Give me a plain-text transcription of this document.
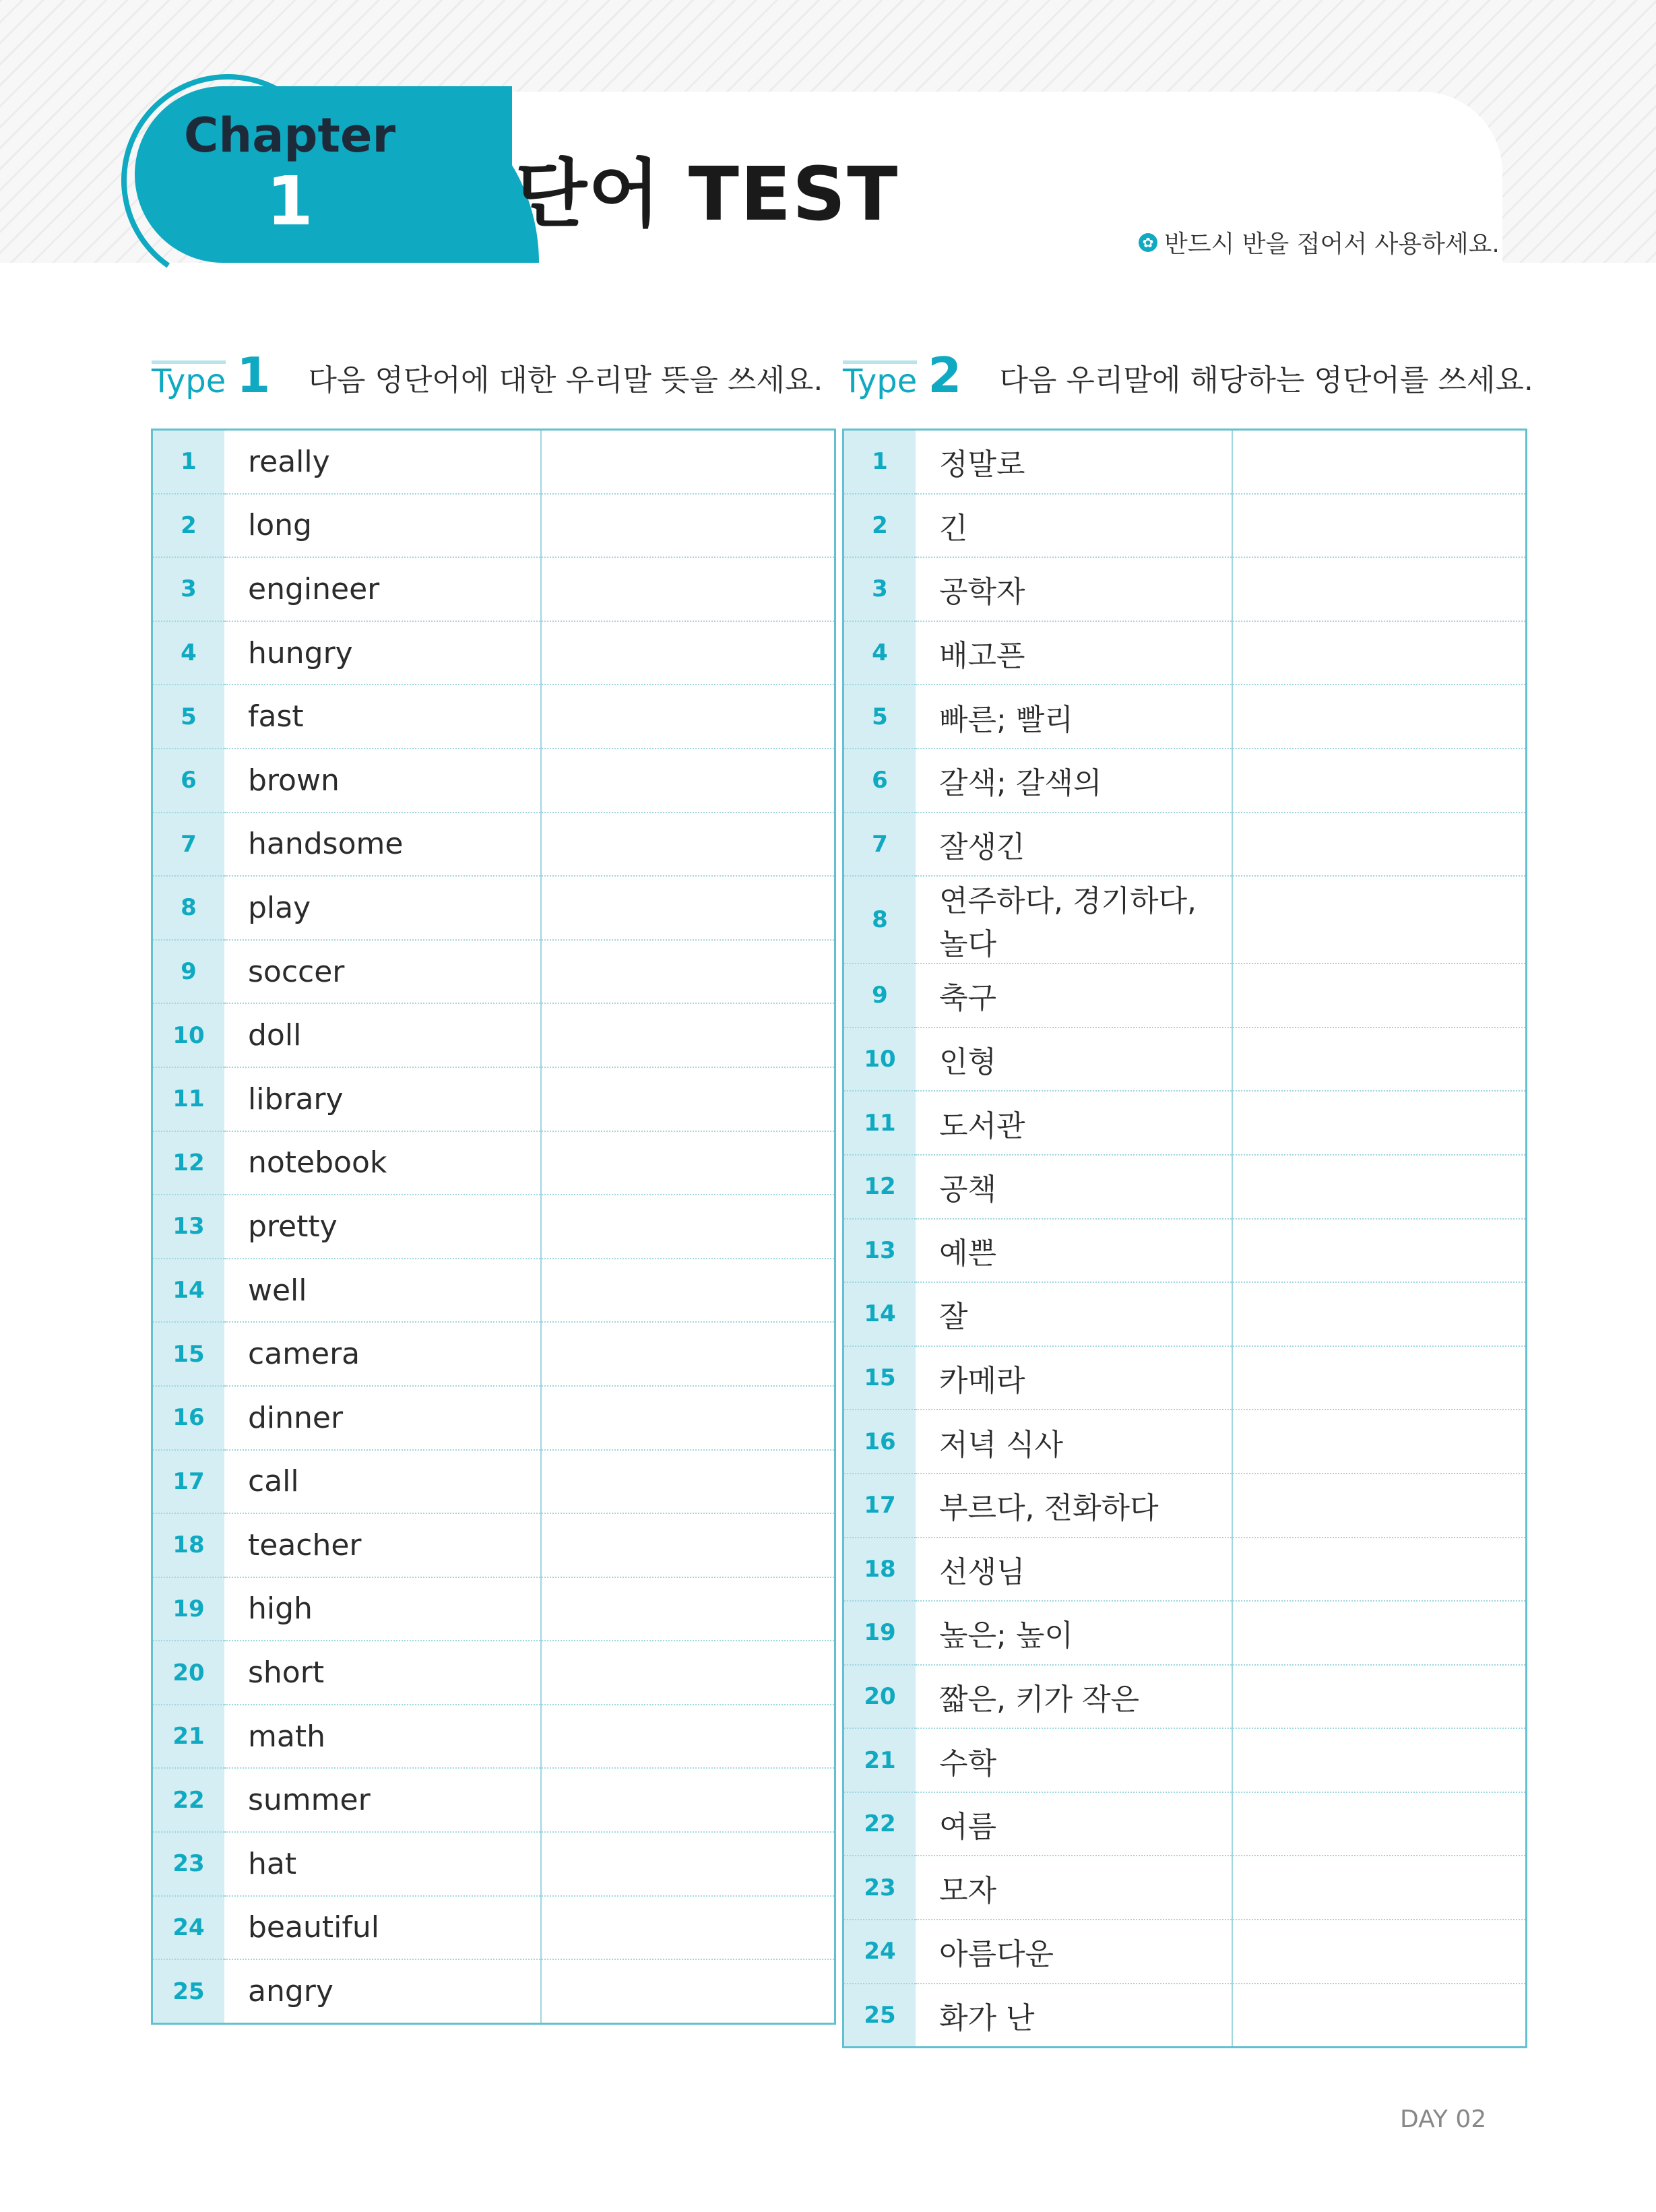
Chapter
1	단어 TEST
✿ 반드시 반을 접어서 사용하세요.
Type 1 다음 영단어에 대한 우리말 뜻을 쓰세요. Type 2 다음 우리말에 해당하는 영단어를 쓰세요.
1	really	
2	long	
3	engineer	
4	hungry	
5	fast	
6	brown	
7	handsome	
8	play	
9	soccer	
10	doll	
11	library	
12	notebook	
13	pretty	
14	well	
15	camera	
16	dinner	
17	call	
18	teacher	
19	high	
20	short	
21	math	
22	summer	
23	hat	
24	beautiful	
25	angry	
1	정말로	
2	긴	
3	공학자	
4	배고픈	
5	빠른; 빨리	
6	갈색; 갈색의	
7	잘생긴	
8	연주하다, 경기하다, 놀다	
9	축구	
10	인형	
11	도서관	
12	공책	
13	예쁜	
14	잘	
15	카메라	
16	저녁 식사	
17	부르다, 전화하다	
18	선생님	
19	높은; 높이	
20	짧은, 키가 작은	
21	수학	
22	여름	
23	모자	
24	아름다운	
25	화가 난	
DAY 02
